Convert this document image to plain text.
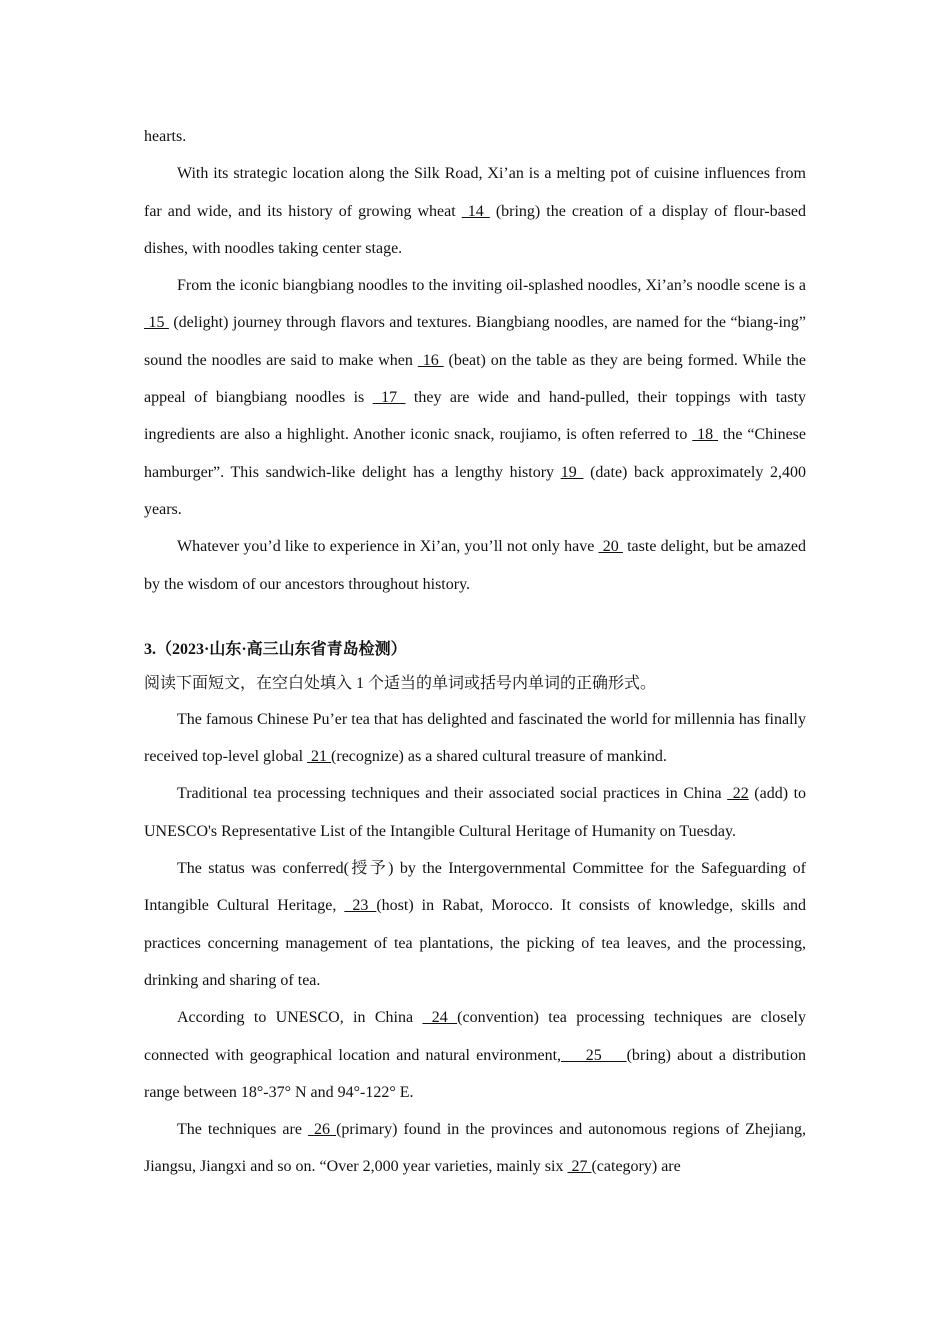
hearts.

With its strategic location along the Silk Road, Xi’an is a melting pot of cuisine influences from far and wide, and its history of growing wheat  14  (bring) the creation of a display of flour-based dishes, with noodles taking center stage.

From the iconic biangbiang noodles to the inviting oil-splashed noodles, Xi’an’s noodle scene is a  15  (delight) journey through flavors and textures. Biangbiang noodles, are named for the “biang-ing” sound the noodles are said to make when  16  (beat) on the table as they are being formed. While the appeal of biangbiang noodles is  17  they are wide and hand-pulled, their toppings with tasty ingredients are also a highlight. Another iconic snack, roujiamo, is often referred to  18  the “Chinese hamburger”. This sandwich-like delight has a lengthy history 19  (date) back approximately 2,400 years.

Whatever you’d like to experience in Xi’an, you’ll not only have  20  taste delight, but be amazed by the wisdom of our ancestors throughout history.

3.（2023·山东·高三山东省青岛检测）

阅读下面短文，在空白处填入 1 个适当的单词或括号内单词的正确形式。

The famous Chinese Pu’er tea that has delighted and fascinated the world for millennia has finally received top-level global  21 (recognize) as a shared cultural treasure of mankind.

Traditional tea processing techniques and their associated social practices in China  22 (add) to UNESCO's Representative List of the Intangible Cultural Heritage of Humanity on Tuesday.

The status was conferred(授予) by the Intergovernmental Committee for the Safeguarding of Intangible Cultural Heritage,  23 (host) in Rabat, Morocco. It consists of knowledge, skills and practices concerning management of tea plantations, the picking of tea leaves, and the processing, drinking and sharing of tea.

According to UNESCO, in China  24 (convention) tea processing techniques are closely connected with geographical location and natural environment,    25    (bring) about a distribution range between 18°-37° N and 94°-122° E.

The techniques are  26 (primary) found in the provinces and autonomous regions of Zhejiang, Jiangsu, Jiangxi and so on. “Over 2,000 year varieties, mainly six  27 (category) are
